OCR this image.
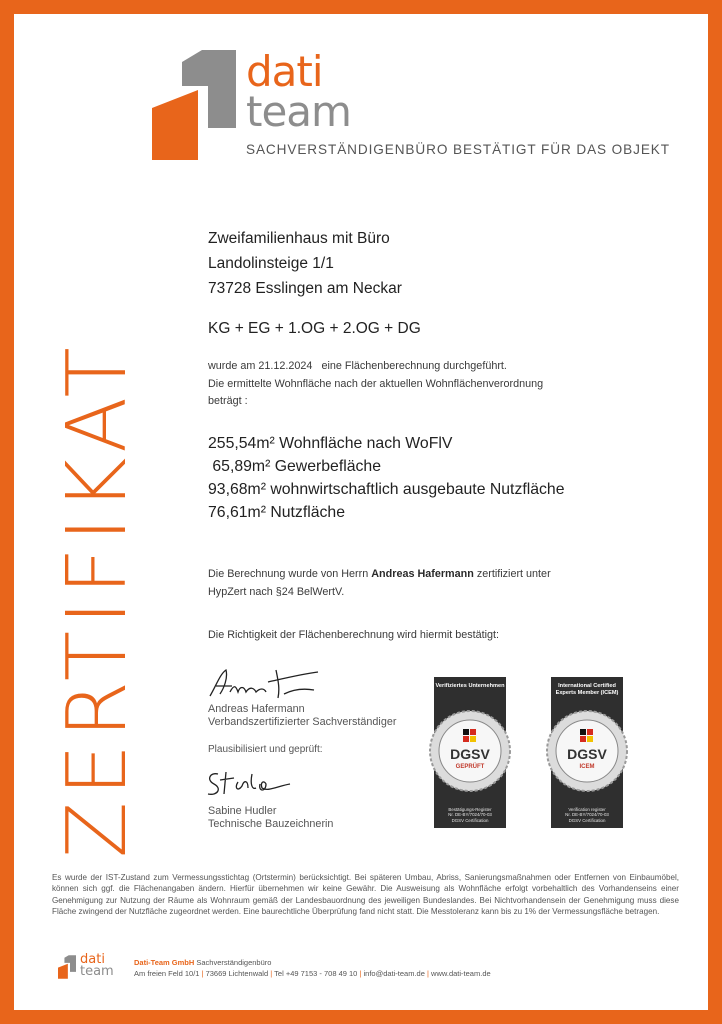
dati
team
SACHVERSTÄNDIGENBÜRO BESTÄTIGT FÜR DAS OBJEKT
ZERTIFIKAT
Zweifamilienhaus mit Büro
Landolinsteige 1/1
73728 Esslingen am Neckar
KG + EG + 1.OG + 2.OG + DG
wurde am 21.12.2024   eine Flächenberechnung durchgeführt.
Die ermittelte Wohnfläche nach der aktuellen Wohnflächenverordnung
beträgt :
255,54m² Wohnfläche nach WoFlV
65,89m² Gewerbefläche
93,68m² wohnwirtschaftlich ausgebaute Nutzfläche
76,61m² Nutzfläche
Die Berechnung wurde von Herrn Andreas Hafermann zertifiziert unter
HypZert nach §24 BelWertV.
Die Richtigkeit der Flächenberechnung wird hiermit bestätigt:
Andreas Hafermann
Verbandszertifizierter Sachverständiger
Plausibilisiert und geprüft:
Sabine Hudler
Technische Bauzeichnerin
Verifiziertes Unternehmen
DGSV
GEPRÜFT
Bestätigungs-Register
Nr. DE-BY/7024/70-03
DGSV Certification
International Certified Experts Member (ICEM)
DGSV
ICEM
Verification register
Nr. DE-BY/7024/70-03
DGSV Certification
Es wurde der IST-Zustand zum Vermessungsstichtag (Ortstermin) berücksichtigt. Bei späteren Umbau, Abriss, Sanierungsmaßnahmen oder Entfernen von Einbaumöbel, können sich ggf. die Flächenangaben ändern. Hierfür übernehmen wir keine Gewähr. Die Ausweisung als Wohnfläche erfolgt vorbehaltlich des Vorhandenseins einer Genehmigung zur Nutzung der Räume als Wohnraum gemäß der Landesbauordnung des jeweiligen Bundeslandes. Bei Nichtvorhandensein der Genehmigung muss diese Fläche zwingend der Nutzfläche zugeordnet werden. Eine baurechtliche Überprüfung fand nicht statt. Die Messtoleranz kann bis zu 1% der Vermessungsfläche betragen.
dati
team
Dati-Team GmbH Sachverständigenbüro
Am freien Feld 10/1 | 73669 Lichtenwald | Tel +49 7153 - 708 49 10 | info@dati-team.de | www.dati-team.de
